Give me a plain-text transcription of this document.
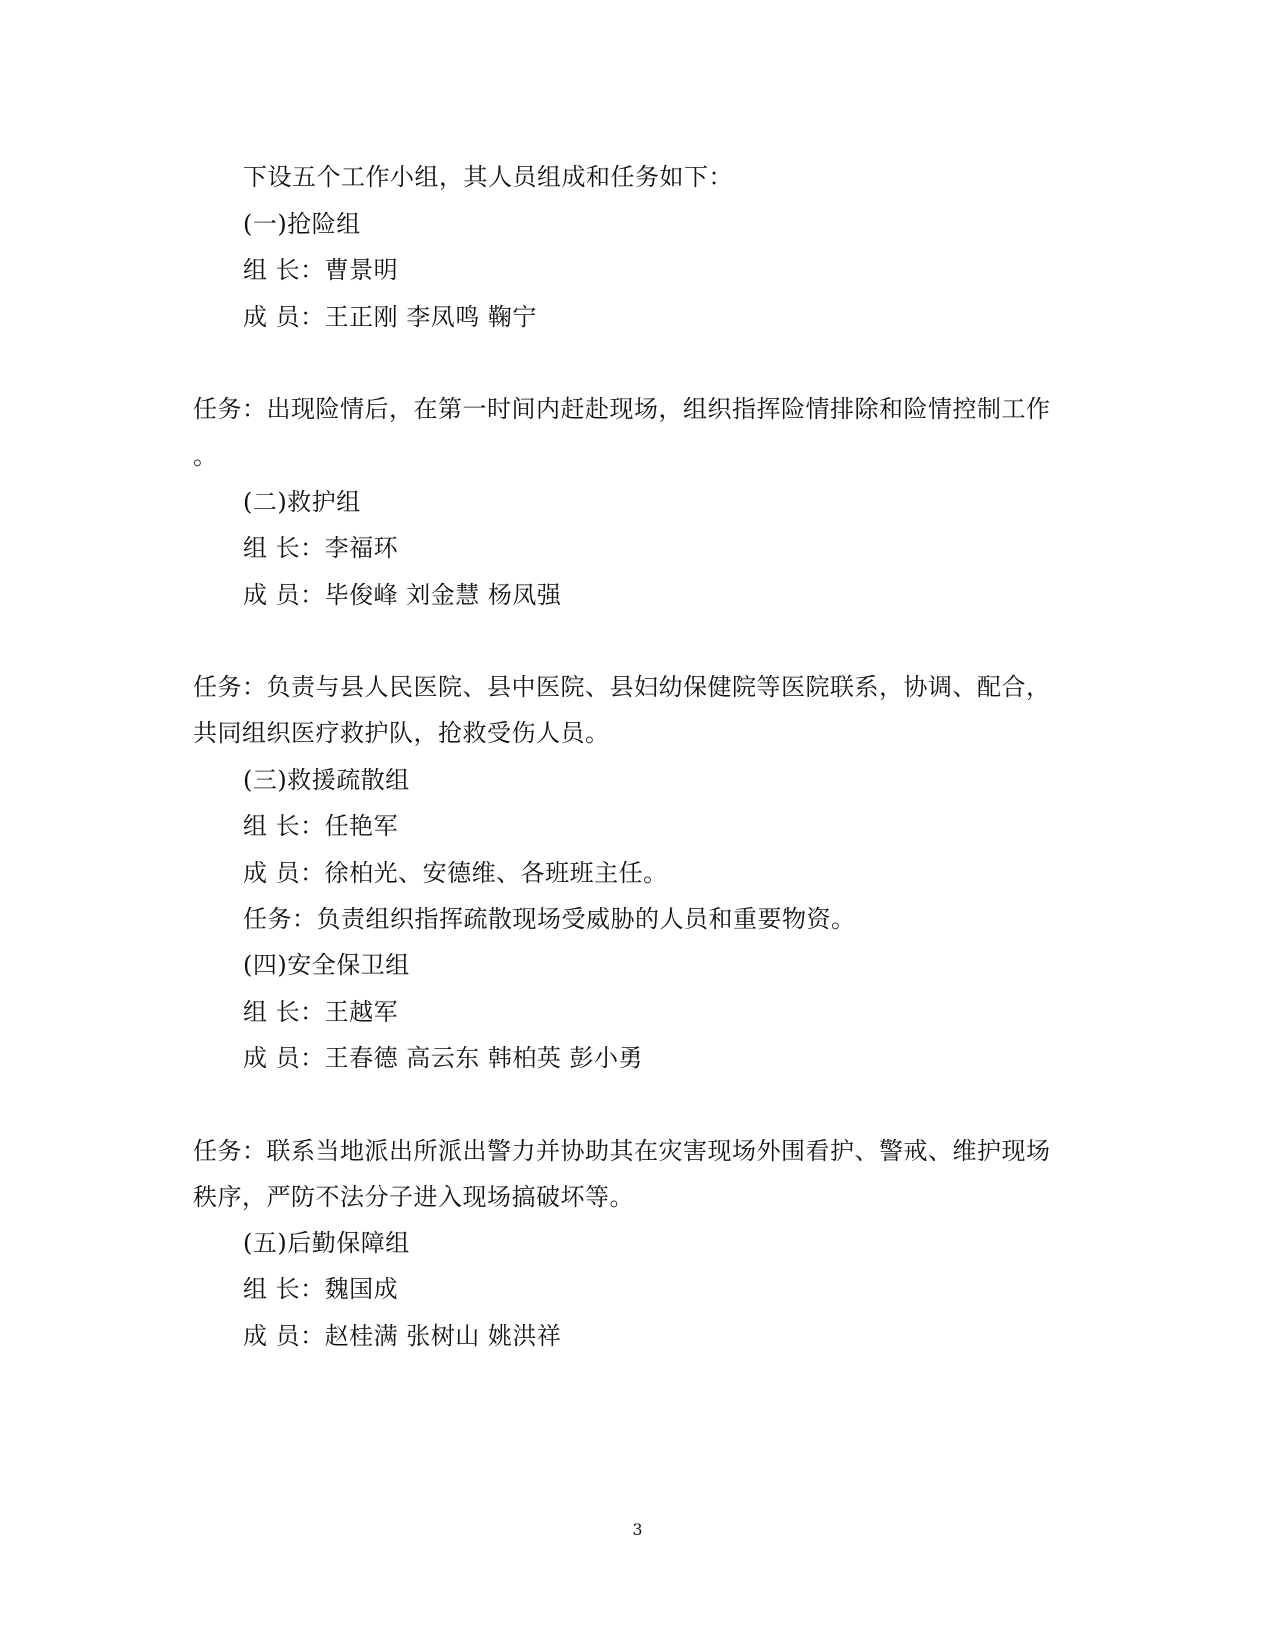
下设五个工作小组，其人员组成和任务如下：
(一)抢险组
组 长：曹景明
成 员：王正刚 李凤鸣 鞠宁
任务：出现险情后，在第一时间内赶赴现场，组织指挥险情排除和险情控制工作
。
(二)救护组
组 长：李福环
成 员：毕俊峰 刘金慧 杨凤强
任务：负责与县人民医院、县中医院、县妇幼保健院等医院联系，协调、配合，
共同组织医疗救护队，抢救受伤人员。
(三)救援疏散组
组 长：任艳军
成 员：徐柏光、安德维、各班班主任。
任务：负责组织指挥疏散现场受威胁的人员和重要物资。
(四)安全保卫组
组 长：王越军
成 员：王春德 高云东 韩柏英 彭小勇
任务：联系当地派出所派出警力并协助其在灾害现场外围看护、警戒、维护现场
秩序，严防不法分子进入现场搞破坏等。
(五)后勤保障组
组 长：魏国成
成 员：赵桂满 张树山 姚洪祥
3
